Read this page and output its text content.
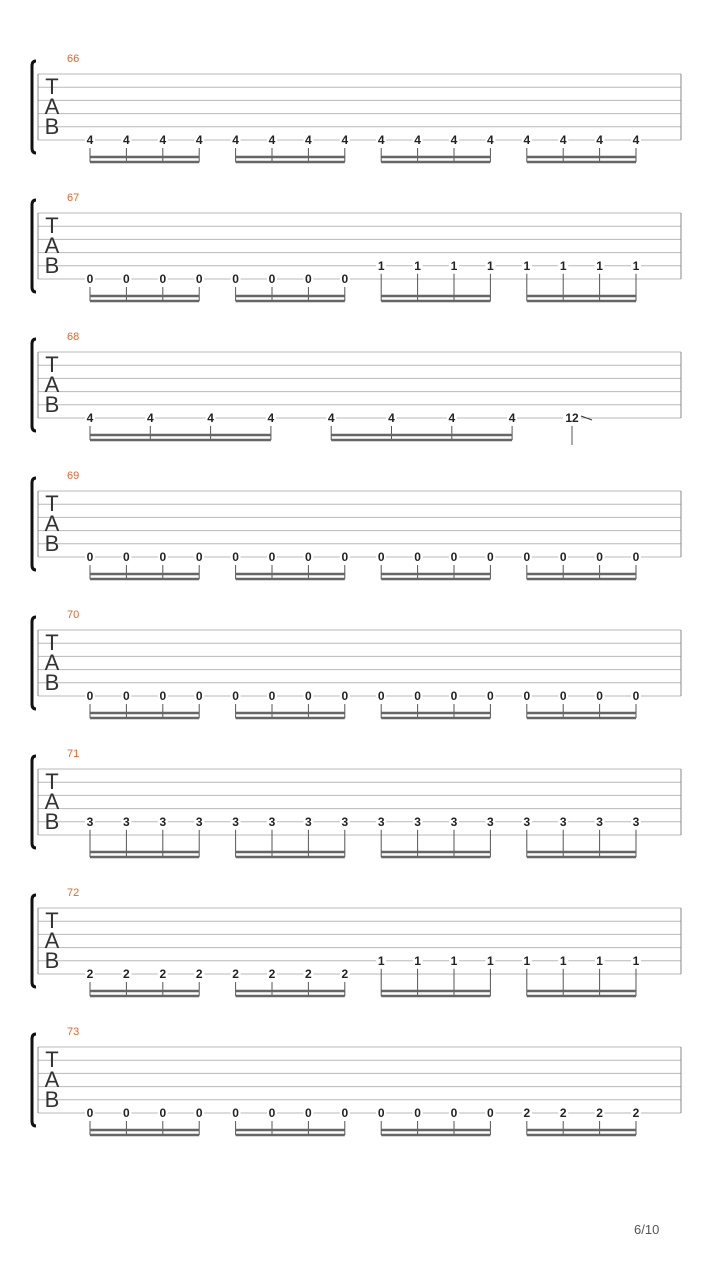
66
T
A
B
4 4 4 4 4 4 4 4 4 4 4 4 4 4 4 4
67
T
A
B
0 0 0 0 0 0 0 0
1 1 1 1 1 1 1 1
68
T
A
B
4	4	4	4	4	4	4	4	12
69
T
A
B
0 0 0 0 0 0 0 0 0 0 0 0 0 0 0 0
70
T
A
B
0 0 0 0 0 0 0 0 0 0 0 0 0 0 0 0
71
T
A
B 3 3 3 3 3 3 3 3 3 3 3 3 3 3 3 3
72
T
A
B
2 2 2 2 2 2 2 2
1 1 1 1 1 1 1 1
73
T
A
B
0 0 0 0 0 0 0 0 0 0 0 0 2 2 2 2
6/10
